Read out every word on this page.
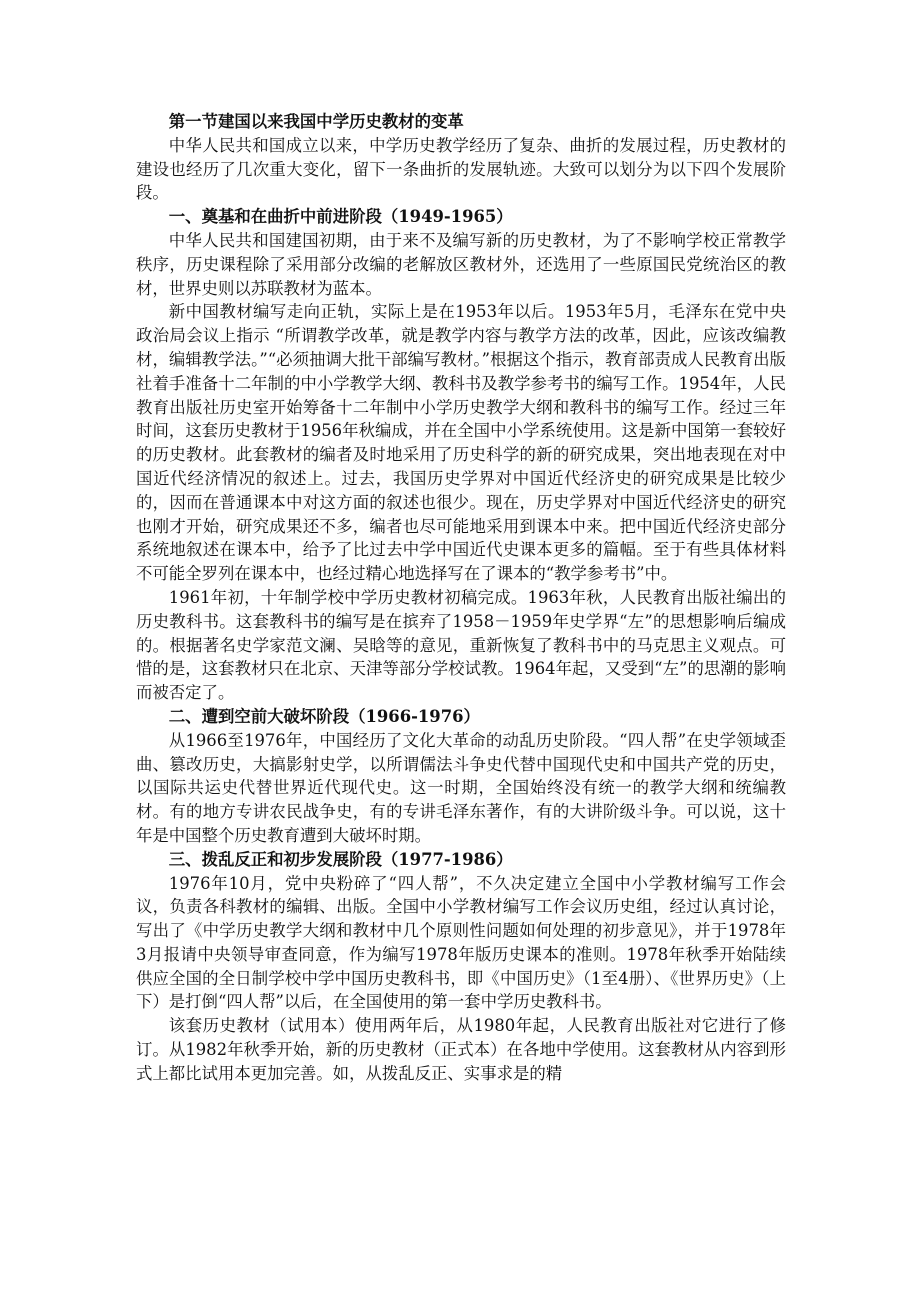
第一节建国以来我国中学历史教材的变革

中华人民共和国成立以来，中学历史教学经历了复杂、曲折的发展过程，历史教材的建设也经历了几次重大变化，留下一条曲折的发展轨迹。大致可以划分为以下四个发展阶段。

一、奠基和在曲折中前进阶段（1949-1965）

中华人民共和国建国初期，由于来不及编写新的历史教材，为了不影响学校正常教学秩序，历史课程除了采用部分改编的老解放区教材外，还选用了一些原国民党统治区的教材，世界史则以苏联教材为蓝本。

新中国教材编写走向正轨，实际上是在1953年以后。1953年5月，毛泽东在党中央政治局会议上指示 “所谓教学改革，就是教学内容与教学方法的改革，因此，应该改编教材，编辑教学法。”“必须抽调大批干部编写教材。”根据这个指示，教育部责成人民教育出版社着手准备十二年制的中小学教学大纲、教科书及教学参考书的编写工作。1954年，人民教育出版社历史室开始筹备十二年制中小学历史教学大纲和教科书的编写工作。经过三年时间，这套历史教材于1956年秋编成，并在全国中小学系统使用。这是新中国第一套较好的历史教材。此套教材的编者及时地采用了历史科学的新的研究成果，突出地表现在对中国近代经济情况的叙述上。过去，我国历史学界对中国近代经济史的研究成果是比较少的，因而在普通课本中对这方面的叙述也很少。现在，历史学界对中国近代经济史的研究也刚才开始，研究成果还不多，编者也尽可能地采用到课本中来。把中国近代经济史部分系统地叙述在课本中，给予了比过去中学中国近代史课本更多的篇幅。至于有些具体材料不可能全罗列在课本中，也经过精心地选择写在了课本的“教学参考书”中。

1961年初，十年制学校中学历史教材初稿完成。1963年秋，人民教育出版社编出的历史教科书。这套教科书的编写是在摈弃了1958－1959年史学界“左”的思想影响后编成的。根据著名史学家范文澜、吴晗等的意见，重新恢复了教科书中的马克思主义观点。可惜的是，这套教材只在北京、天津等部分学校试教。1964年起，又受到“左”的思潮的影响而被否定了。

二、遭到空前大破坏阶段（1966-1976）

从1966至1976年，中国经历了文化大革命的动乱历史阶段。“四人帮”在史学领域歪曲、篡改历史，大搞影射史学，以所谓儒法斗争史代替中国现代史和中国共产党的历史，以国际共运史代替世界近代现代史。这一时期，全国始终没有统一的教学大纲和统编教材。有的地方专讲农民战争史，有的专讲毛泽东著作，有的大讲阶级斗争。可以说，这十年是中国整个历史教育遭到大破坏时期。

三、拨乱反正和初步发展阶段（1977-1986）

1976年10月，党中央粉碎了“四人帮”，不久决定建立全国中小学教材编写工作会议，负责各科教材的编辑、出版。全国中小学教材编写工作会议历史组，经过认真讨论，写出了《中学历史教学大纲和教材中几个原则性问题如何处理的初步意见》，并于1978年3月报请中央领导审查同意，作为编写1978年版历史课本的准则。1978年秋季开始陆续供应全国的全日制学校中学中国历史教科书，即《中国历史》（1至4册）、《世界历史》（上下）是打倒“四人帮”以后，在全国使用的第一套中学历史教科书。

该套历史教材（试用本）使用两年后，从1980年起，人民教育出版社对它进行了修订。从1982年秋季开始，新的历史教材（正式本）在各地中学使用。这套教材从内容到形式上都比试用本更加完善。如，从拨乱反正、实事求是的精
